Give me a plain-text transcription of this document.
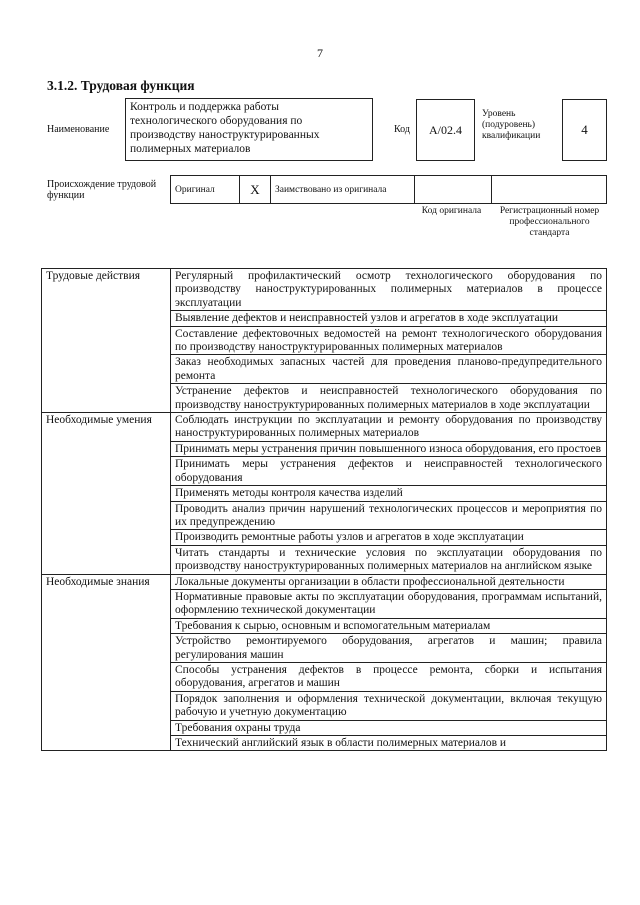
7
3.1.2. Трудовая функция
Наименование
Контроль и поддержка работы технологического оборудования по производству наноструктурированных полимерных материалов
Код	А/02.4
Уровень (подуровень) квалификации	4
Происхождение трудовой функции
Оригинал	X	Заимствовано из оригинала		
Код оригинала	Регистрационный номер профессионального стандарта
Трудовые действия	Регулярный профилактический осмотр технологического оборудования по производству наноструктурированных полимерных материалов в процессе эксплуатации
	Выявление дефектов и неисправностей узлов и агрегатов в ходе эксплуатации
	Составление дефектовочных ведомостей на ремонт технологического оборудования по производству наноструктурированных полимерных материалов
	Заказ необходимых запасных частей для проведения планово-предупредительного ремонта
	Устранение дефектов и неисправностей технологического оборудования по производству наноструктурированных полимерных материалов в ходе эксплуатации
Необходимые умения	Соблюдать инструкции по эксплуатации и ремонту оборудования по производству наноструктурированных полимерных материалов
	Принимать меры устранения причин повышенного износа оборудования, его простоев
	Принимать меры устранения дефектов и неисправностей технологического оборудования
	Применять методы контроля качества изделий
	Проводить анализ причин нарушений технологических процессов и мероприятия по их предупреждению
	Производить ремонтные работы узлов и агрегатов в ходе эксплуатации
	Читать стандарты и технические условия по эксплуатации оборудования по производству наноструктурированных полимерных материалов на английском языке
Необходимые знания	Локальные документы организации в области профессиональной деятельности
	Нормативные правовые акты по эксплуатации оборудования, программам испытаний, оформлению технической документации
	Требования к сырью, основным и вспомогательным материалам
	Устройство ремонтируемого оборудования, агрегатов и машин; правила регулирования машин
	Способы устранения дефектов в процессе ремонта, сборки и испытания оборудования, агрегатов и машин
	Порядок заполнения и оформления технической документации, включая текущую рабочую и учетную документацию
	Требования охраны труда
	Технический английский язык в области полимерных материалов и
